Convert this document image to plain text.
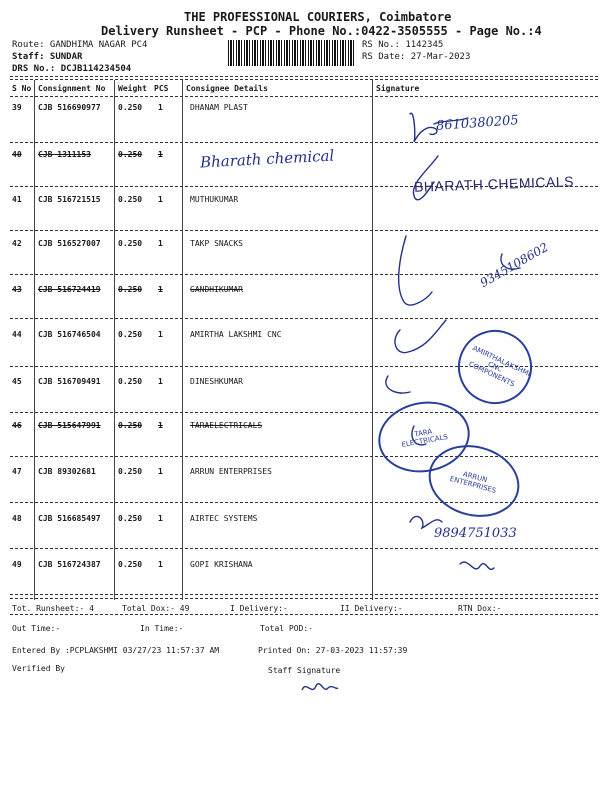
THE PROFESSIONAL COURIERS, Coimbatore
Delivery Runsheet - PCP - Phone No.:0422-3505555 - Page No.:4
Route: GANDHIMA NAGAR PC4
Staff: SUNDAR
DRS No.: DCJB114234504
RS No.: 1142345
RS Date: 27-Mar-2023
S No Consignment No Weight PCS Consignee Details	Signature
39 CJB 516690977 0.250 1	DHANAM PLAST
40 CJB 1311153	0.250 1
41 CJB 516721515 0.250 1	MUTHUKUMAR
42 CJB 516527007 0.250 1	TAKP SNACKS
43 CJB 516724419 0.250 1	GANDHIKUMAR
44 CJB 516746504 0.250 1	AMIRTHA LAKSHMI CNC
45 CJB 516709491 0.250 1	DINESHKUMAR
46 CJB 515647991 0.250 1	TARAELECTRICALS
47 CJB 89302681	0.250 1	ARRUN ENTERPRISES
48 CJB 516685497 0.250 1	AIRTEC SYSTEMS
49 CJB 516724387 0.250 1	GOPI KRISHANA
8610380205
Bharath chemical
BHARATH CHEMICALS
9345108602
9894751033
AMIRTHALAKSHMI CNC COMPONENTS
TARA ELECTRICALS
ARRUN ENTERPRISES
Tot. Runsheet:- 4	Total Dox:- 49	I Delivery:-	II Delivery:-	RTN Dox:-
Out Time:-	In Time:-	Total POD:-
Entered By :PCPLAKSHMI 03/27/23 11:57:37 AM	Printed On: 27-03-2023 11:57:39
Verified By	Staff Signature
